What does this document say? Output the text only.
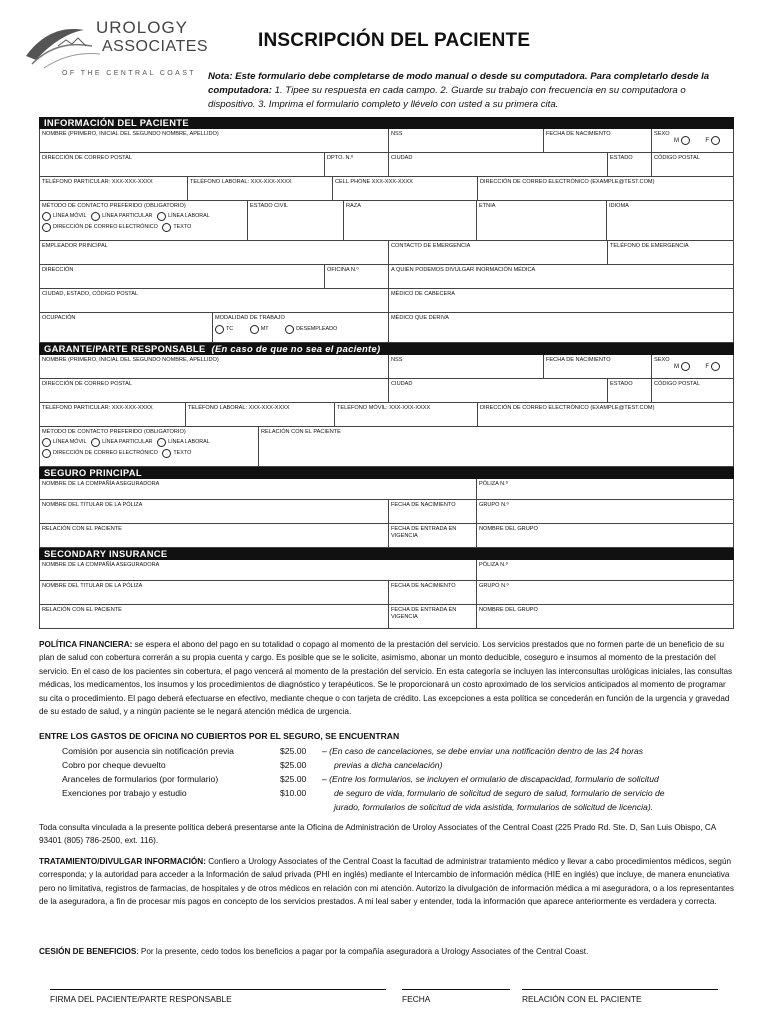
UROLOGY
ASSOCIATES
OF THE CENTRAL COAST
INSCRIPCIÓN DEL PACIENTE
Nota: Este formulario debe completarse de modo manual o desde su computadora. Para completarlo desde la computadora: 1. Tipee su respuesta en cada campo. 2. Guarde su trabajo con frecuencia en su computadora o dispositivo. 3. Imprima el formulario completo y llévelo con usted a su primera cita.
INFORMACIÓN DEL PACIENTE
NOMBRE (PRIMERO, INICIAL DEL SEGUNDO NOMBRE, APELLIDO)	NSS	FECHA DE NACIMIENTO	SEXO
M	F
DIRECCIÓN DE CORREO POSTAL	DPTO. N.º	CIUDAD	ESTADO	CÓDIGO POSTAL
TELÉFONO PARTICULAR: XXX-XXX-XXXX	TELÉFONO LABORAL: XXX-XXX-XXXX	CELL PHONE XXX-XXX-XXXX	DIRECCIÓN DE CORREO ELECTRÓNICO (EXAMPLE@TEST.COM)
MÉTODO DE CONTACTO PREFERIDO (OBLIGATORIO)
LÍNEA MÓVIL	LÍNEA PARTICULAR	LÍNEA LABORAL
DIRECCIÓN DE CORREO ELECTRÓNICO	TEXTO
ESTADO CIVIL	RAZA	ETNIA	IDIOMA
EMPLEADOR PRINCIPAL	CONTACTO DE EMERGENCIA	TELÉFONO DE EMERGENCIA
DIRECCIÓN	OFICINA N.º	A QUIÉN PODEMOS DIVULGAR INORMACIÓN MÉDICA
CIUDAD, ESTADO, CÓDIGO POSTAL	MÉDICO DE CABECERA
OCUPACIÓN	MODALIDAD DE TRABAJO
TC	MT	DESEMPLEADO
MÉDICO QUE DERIVA
GARANTE/PARTE RESPONSABLE (En caso de que no sea el paciente)
NOMBRE (PRIMERO, INICIAL DEL SEGUNDO NOMBRE, APELLIDO)	NSS	FECHA DE NACIMIENTO	SEXO
M	F
DIRECCIÓN DE CORREO POSTAL	CIUDAD	ESTADO	CÓDIGO POSTAL
TELÉFONO PARTICULAR: XXX-XXX-XXXX	TELÉFONO LABORAL: XXX-XXX-XXXX	TELÉFONO MÓVIL: XXX-XXX-XXXX	DIRECCIÓN DE CORREO ELECTRÓNICO (EXAMPLE@TEST.COM)
MÉTODO DE CONTACTO PREFERIDO (OBLIGATORIO)
LÍNEA MÓVIL	LÍNEA PARTICULAR	LÍNEA LABORAL
DIRECCIÓN DE CORREO ELECTRÓNICO	TEXTO
RELACIÓN CON EL PACIENTE
SEGURO PRINCIPAL
NOMBRE DE LA COMPAÑÍA ASEGURADORA	PÓLIZA N.º
NOMBRE DEL TITULAR DE LA PÓLIZA	FECHA DE NACIMIENTO	GRUPO N.º
RELACIÓN CON EL PACIENTE	FECHA DE ENTRADA EN VIGENCIA
NOMBRE DEL GRUPO
SECONDARY INSURANCE
NOMBRE DE LA COMPAÑÍA ASEGURADORA	PÓLIZA N.º
NOMBRE DEL TITULAR DE LA PÓLIZA	FECHA DE NACIMIENTO	GRUPO N.º
RELACIÓN CON EL PACIENTE	FECHA DE ENTRADA EN VIGENCIA
NOMBRE DEL GRUPO
POLÍTICA FINANCIERA: se espera el abono del pago en su totalidad o copago al momento de la prestación del servicio. Los servicios prestados que no formen parte de un beneficio de su plan de salud con cobertura correrán a su propia cuenta y cargo. Es posible que se le solicite, asimismo, abonar un monto deducible, coseguro e insumos al momento de la prestación del servicio. En el caso de los pacientes sin cobertura, el pago vencerá al momento de la prestación del servicio. En esta categoría se incluyen las interconsultas urológicas iniciales, las consultas médicas, los medicamentos, los insumos y los procedimientos de diagnóstico y terapéuticos. Se le proporcionará un costo aproximado de los servicios anticipados al momento de programar su cita o procedimiento. El pago deberá efectuarse en efectivo, mediante cheque o con tarjeta de crédito. Las excepciones a esta política se concederán en función de la urgencia y gravedad de su estado de salud, y a ningún paciente se le negará atención médica de urgencia.
ENTRE LOS GASTOS DE OFICINA NO CUBIERTOS POR EL SEGURO, SE ENCUENTRAN
Comisión por ausencia sin notificación previa	$25.00 – (En caso de cancelaciones, se debe enviar una notificación dentro de las 24 horas
Cobro por cheque devuelto	$25.00	previas a dicha cancelación)
Aranceles de formularios (por formulario)	$25.00 – (Entre los formularios, se incluyen el ormulario de discapacidad, formulario de solicitud
Exenciones por trabajo y estudio	$10.00	de seguro de vida, formulario de solicitud de seguro de salud, formulario de servicio de
jurado, formularios de solicitud de vida asistida, formularios de solicitud de licencia).
Toda consulta vinculada a la presente política deberá presentarse ante la Oficina de Administración de Uroloy Associates of the Central Coast (225 Prado Rd. Ste. D, San Luis Obispo, CA 93401 (805) 786-2500, ext. 116).
TRATAMIENTO/DIVULGAR INFORMACIÓN: Confiero a Urology Associates of the Central Coast la facultad de administrar tratamiento médico y llevar a cabo procedimientos médicos, según corresponda; y la autoridad para acceder a la Información de salud privada (PHI en inglés) mediante el Intercambio de información médica (HIE en inglés) que incluye, de manera enunciativa pero no limitativa, registros de farmacias, de hospitales y de otros médicos en relación con mi atención. Autorizo la divulgación de información médica a mi aseguradora, o a los representantes de la aseguradora, a fin de procesar mis pagos en concepto de los servicios prestados. A mi leal saber y entender, toda la información que aparece anteriormente es verdadera y correcta.
CESIÓN DE BENEFICIOS: Por la presente, cedo todos los beneficios a pagar por la compañía aseguradora a Urology Associates of the Central Coast.
FIRMA DEL PACIENTE/PARTE RESPONSABLE	FECHA	RELACIÓN CON EL PACIENTE
